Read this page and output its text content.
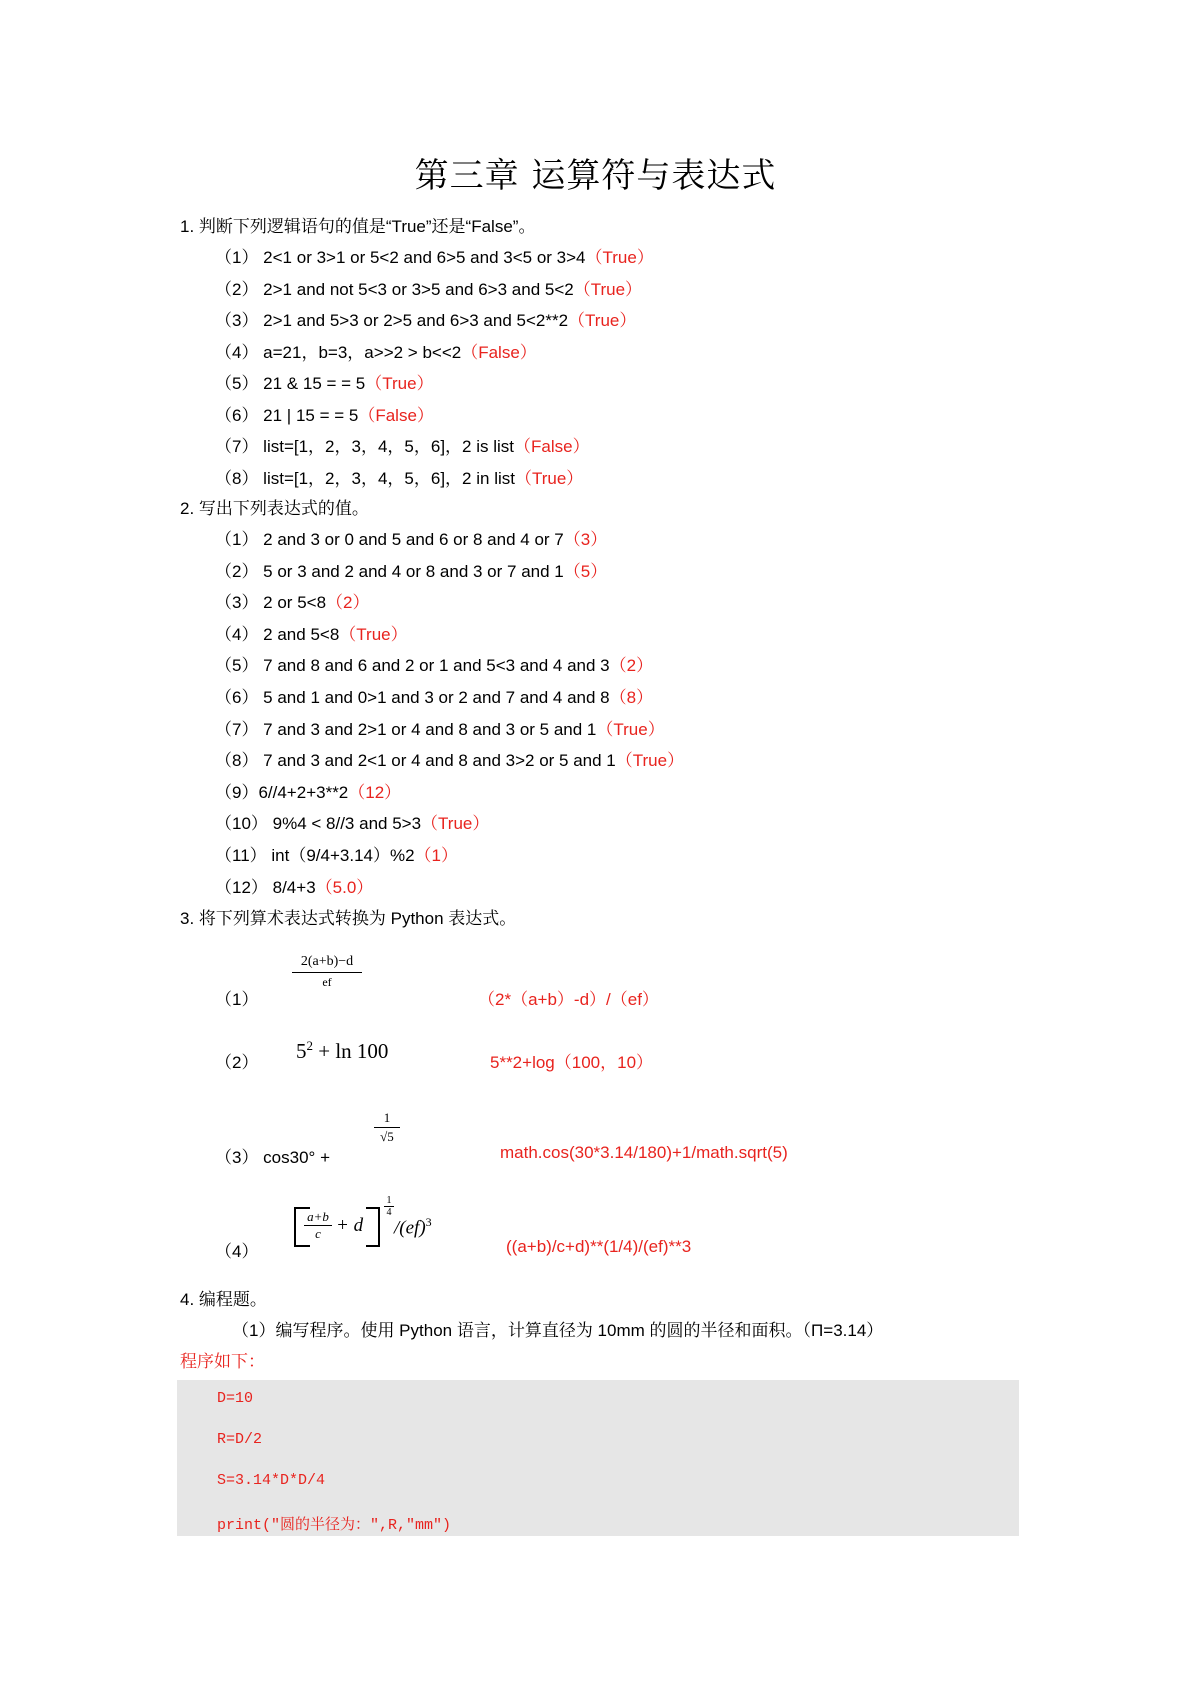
第三章 运算符与表达式
1. 判断下列逻辑语句的值是“True”还是“False”。
（1） 2<1 or 3>1 or 5<2 and 6>5 and 3<5 or 3>4（True）
（2） 2>1 and not 5<3 or 3>5 and 6>3 and 5<2（True）
（3） 2>1 and 5>3 or 2>5 and 6>3 and 5<2**2（True）
（4） a=21，b=3，a>>2 > b<<2（False）
（5） 21 & 15 = = 5（True）
（6） 21 | 15 = = 5（False）
（7） list=[1，2，3，4，5，6]，2 is list（False）
（8） list=[1，2，3，4，5，6]，2 in list（True）
2. 写出下列表达式的值。
（1） 2 and 3 or 0 and 5 and 6 or 8 and 4 or 7（3）
（2） 5 or 3 and 2 and 4 or 8 and 3 or 7 and 1（5）
（3） 2 or 5<8（2）
（4） 2 and 5<8（True）
（5） 7 and 8 and 6 and 2 or 1 and 5<3 and 4 and 3（2）
（6） 5 and 1 and 0>1 and 3 or 2 and 7 and 4 and 8（8）
（7） 7 and 3 and 2>1 or 4 and 8 and 3 or 5 and 1（True）
（8） 7 and 3 and 2<1 or 4 and 8 and 3>2 or 5 and 1（True）
（9）6//4+2+3**2（12）
（10） 9%4 < 8//3 and 5>3（True）
（11） int（9/4+3.14）%2（1）
（12） 8/4+3（5.0）
3. 将下列算术表达式转换为 Python 表达式。
（1）
$\frac{2(a+b)-d}{ef}$
（2*（a+b）-d）/（ef）
（2） $5^2 + \ln 100$	5**2+log（100，10）
（3） cos30° +
$\frac{1}{√5}$
math.cos(30*3.14/180)+1/math.sqrt(5)
（4）
$\frac{a+b}{c} + d$
$\frac{1}{4}$
/(ef)$^3$
((a+b)/c+d)**(1/4)/(ef)**3
4. 编程题。
（1）编写程序。使用 Python 语言，计算直径为 10mm 的圆的半径和面积。（Π=3.14）
程序如下：
D=10
R=D/2
S=3.14*D*D/4
print("圆的半径为：",R,"mm")
